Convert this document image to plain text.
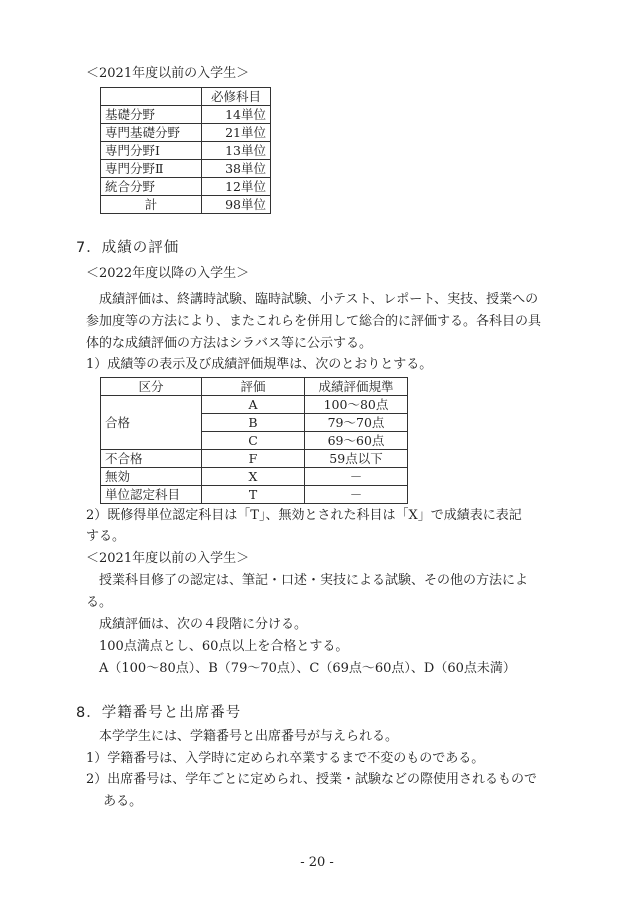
＜2021年度以前の入学生＞
	必修科目
基礎分野	14単位
専門基礎分野	21単位
専門分野Ⅰ	13単位
専門分野Ⅱ	38単位
統合分野	12単位
計	98単位
7．成績の評価
＜2022年度以降の入学生＞
　成績評価は、終講時試験、臨時試験、小テスト、レポート、実技、授業への
参加度等の方法により、またこれらを併用して総合的に評価する。各科目の具
体的な成績評価の方法はシラバス等に公示する。
1）成績等の表示及び成績評価規準は、次のとおりとする。
区分	評価	成績評価規準
合格	A	100～80点
	B	79～70点
	C	69～60点
不合格	F	59点以下
無効	X	－
単位認定科目	T	－
2）既修得単位認定科目は「T」、無効とされた科目は「X」で成績表に表記
する。
＜2021年度以前の入学生＞
　授業科目修了の認定は、筆記・口述・実技による試験、その他の方法によ
る。
　成績評価は、次の４段階に分ける。
　100点満点とし、60点以上を合格とする。
　A（100～80点）、B（79～70点）、C（69点～60点）、D（60点未満）
8．学籍番号と出席番号
　本学学生には、学籍番号と出席番号が与えられる。
1）学籍番号は、入学時に定められ卒業するまで不変のものである。
2）出席番号は、学年ごとに定められ、授業・試験などの際使用されるもので
　 ある。
- 20 -
